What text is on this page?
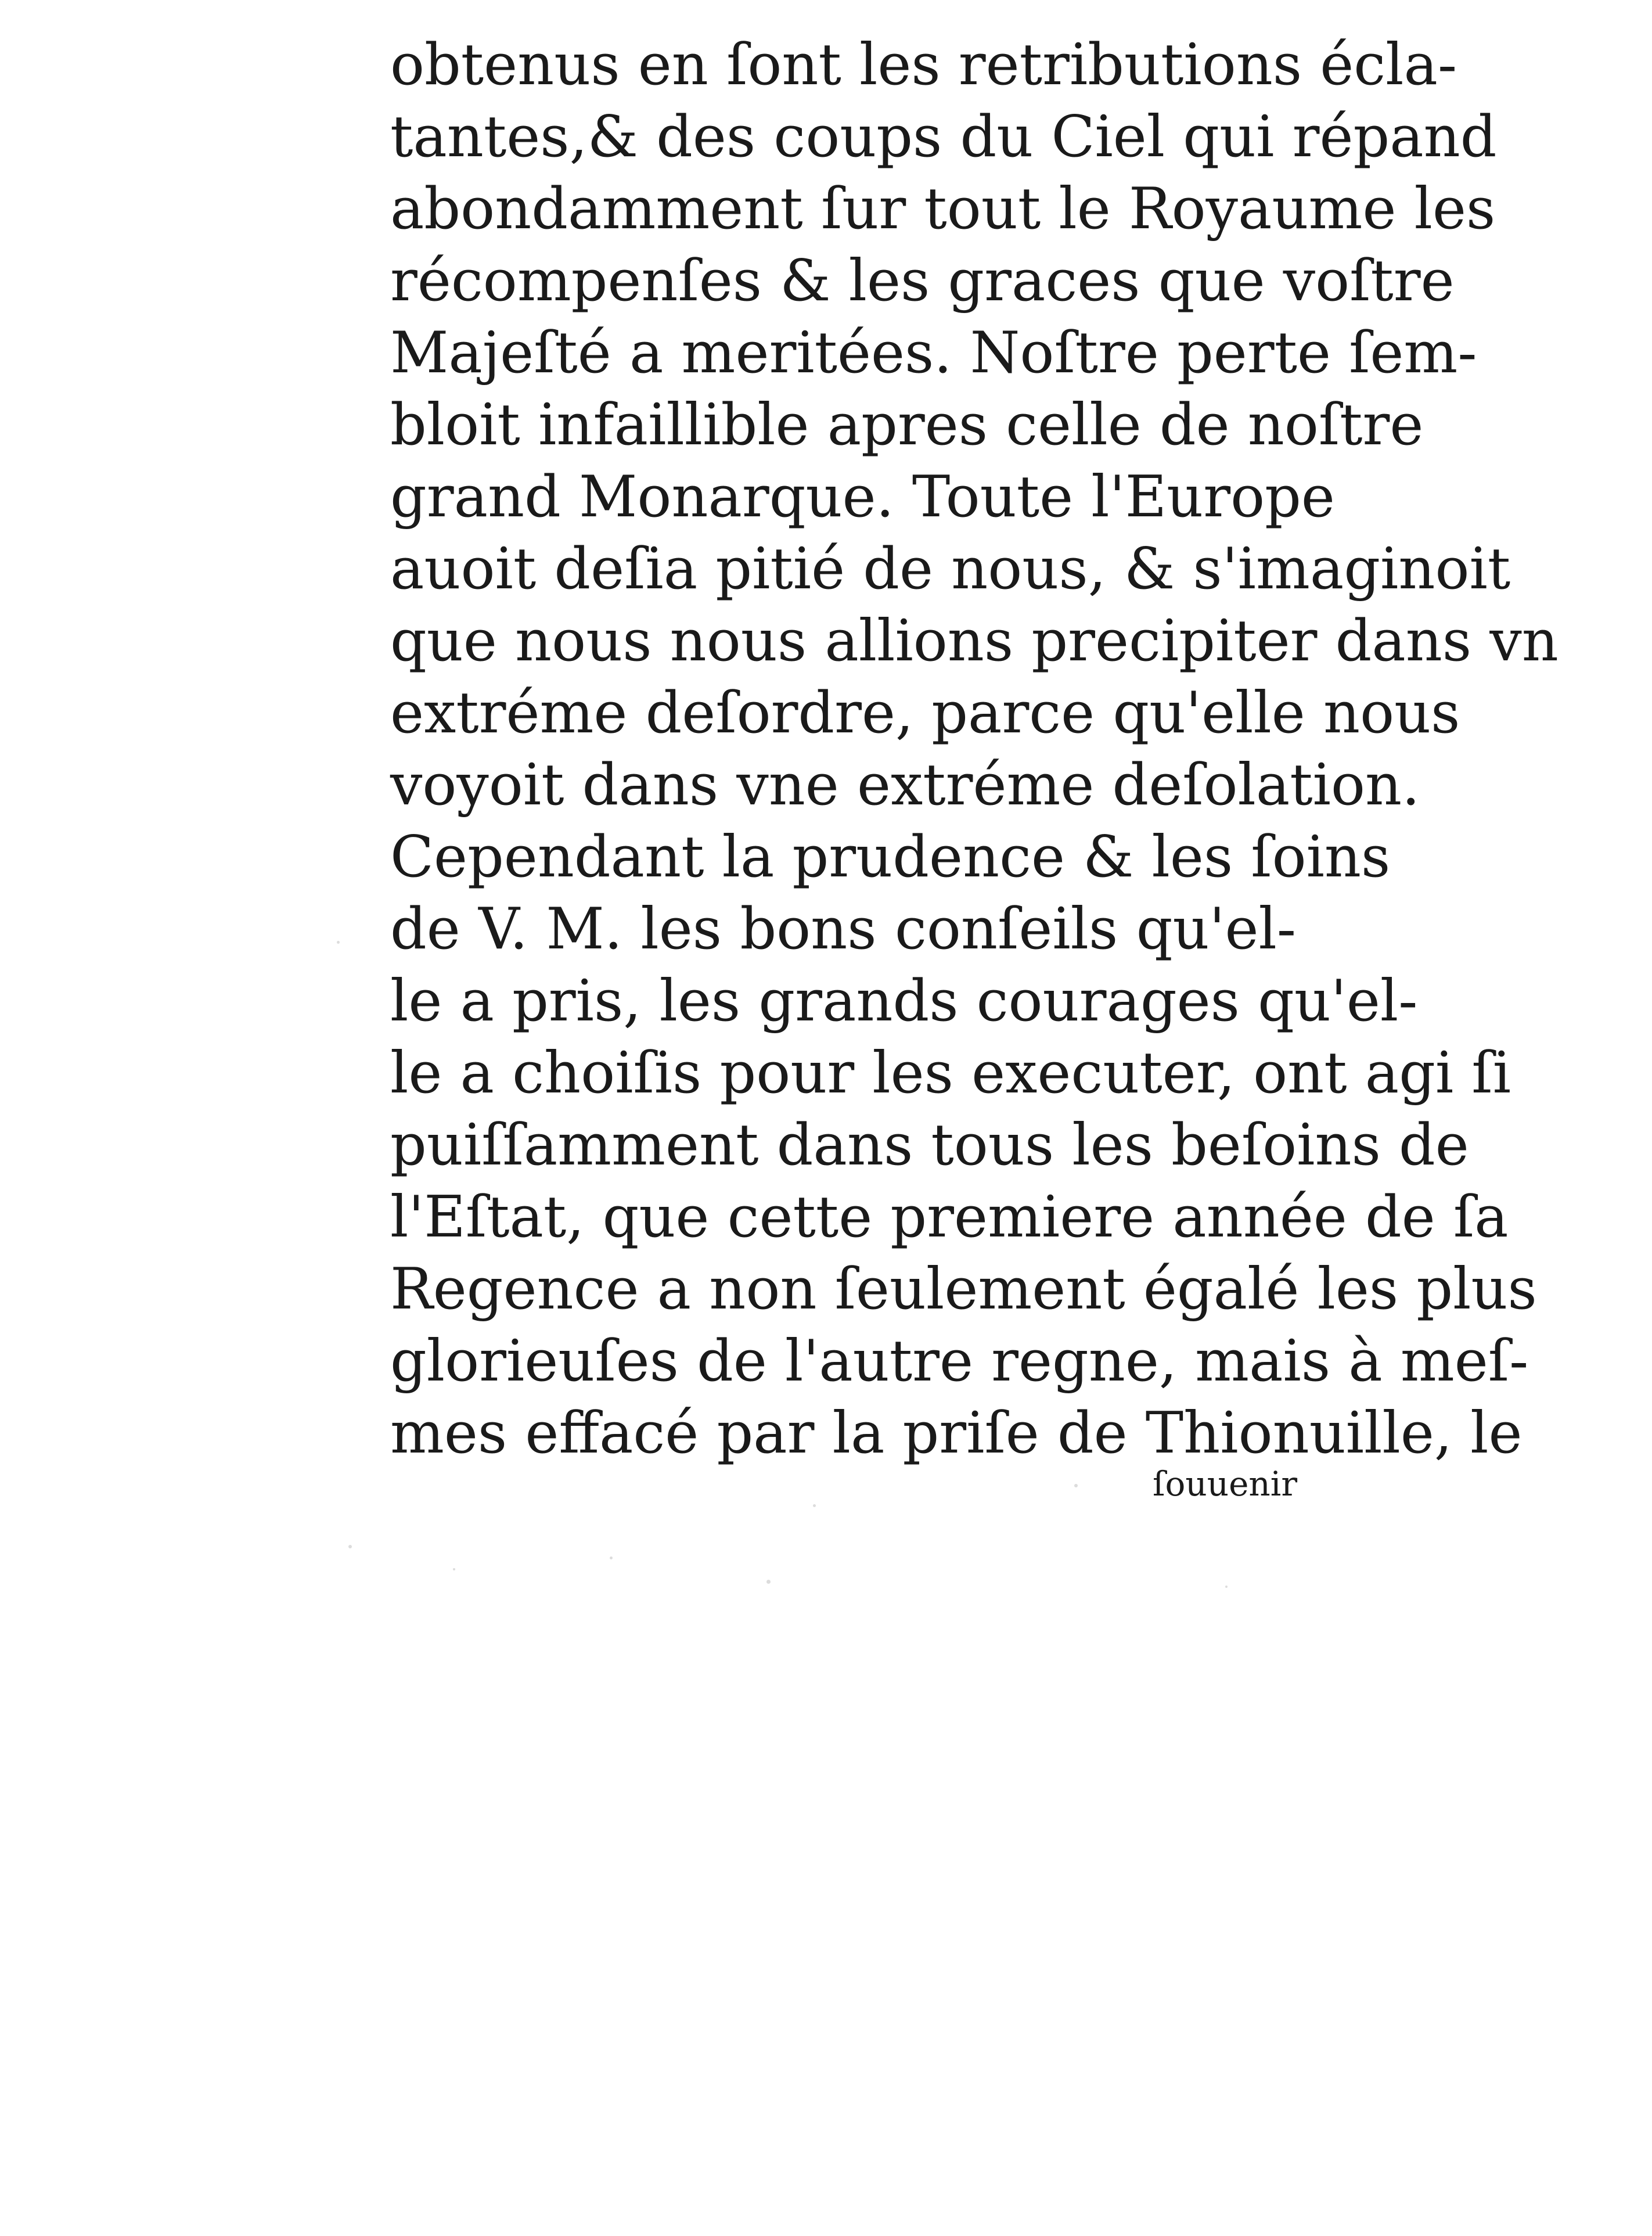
obtenus en ſont les retributions écla-
tantes,& des coups du Ciel qui répand
abondamment ſur tout le Royaume les
récompenſes & les graces que voſtre
Majeſté a meritées. Noſtre perte ſem-
bloit infaillible apres celle de noſtre
grand Monarque. Toute l'Europe
auoit deſia pitié de nous, & s'imaginoit
que nous nous allions precipiter dans vn
extréme deſordre, parce qu'elle nous
voyoit dans vne extréme deſolation.
Cependant la prudence & les ſoins
de V. M. les bons conſeils qu'el-
le a pris, les grands courages qu'el-
le a choiſis pour les executer, ont agi ſi
puiſſamment dans tous les beſoins de
l'Eſtat, que cette premiere année de ſa
Regence a non ſeulement égalé les plus
glorieuſes de l'autre regne, mais à meſ-
mes effacé par la priſe de Thionuille, le
ſouuenir
